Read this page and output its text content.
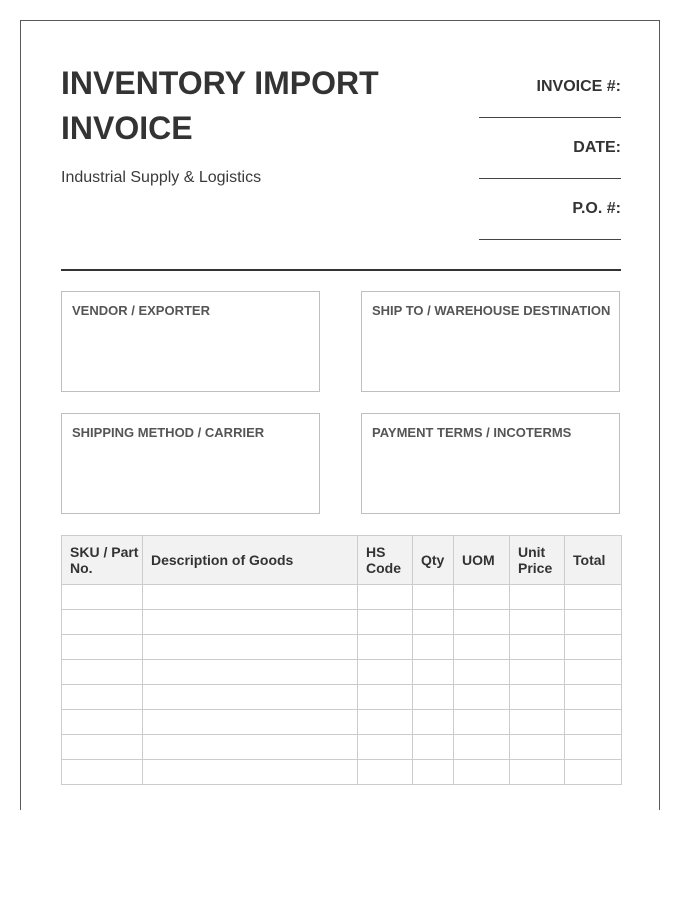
INVENTORY IMPORT INVOICE
Industrial Supply & Logistics
INVOICE #:
DATE:
P.O. #:
VENDOR / EXPORTER	SHIP TO / WAREHOUSE DESTINATION
SHIPPING METHOD / CARRIER	PAYMENT TERMS / INCOTERMS
SKU / Part No.	Description of Goods	HS Code	Qty	UOM	Unit Price	Total
